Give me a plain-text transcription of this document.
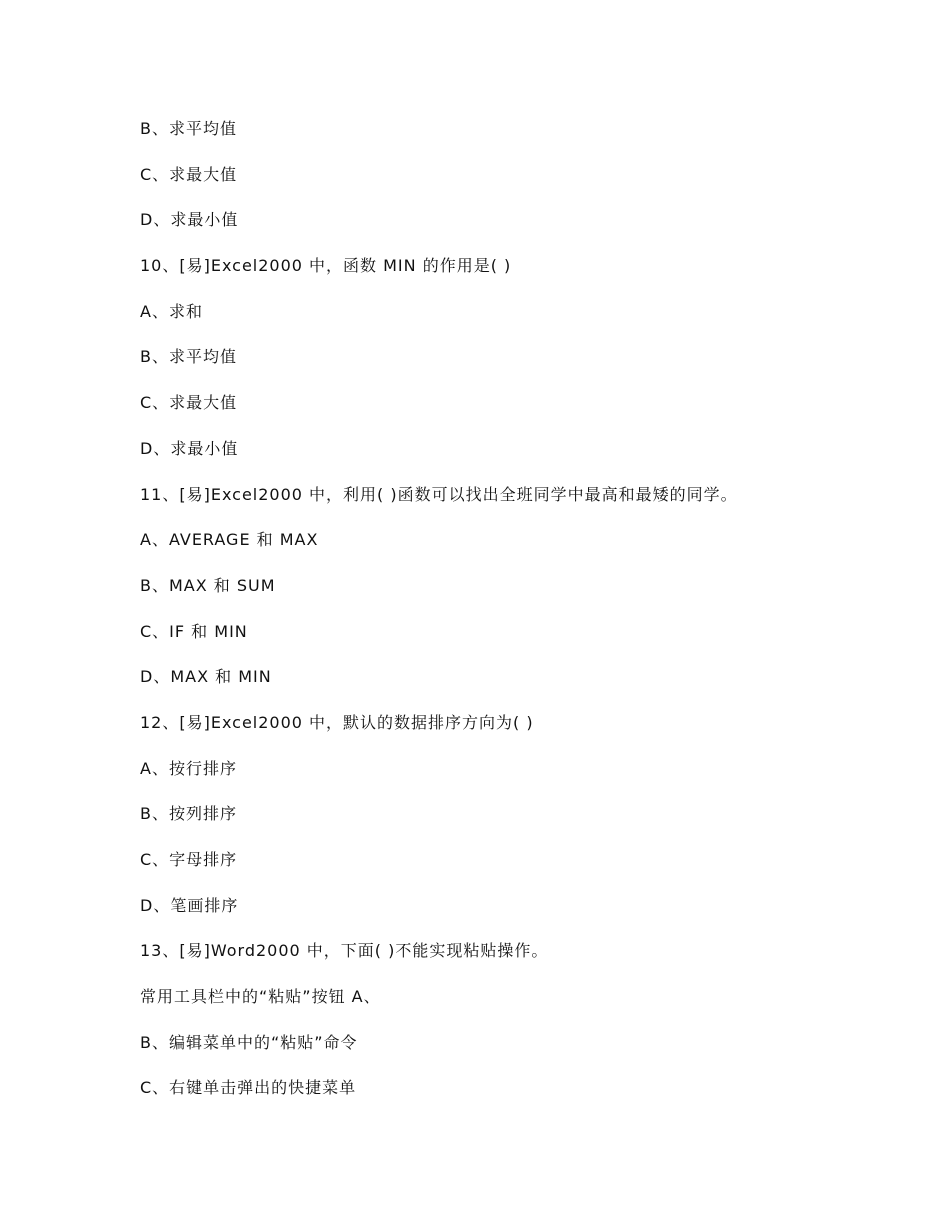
B、求平均值
C、求最大值
D、求最小值
10、[易]Excel2000 中，函数 MIN 的作用是( )
A、求和
B、求平均值
C、求最大值
D、求最小值
11、[易]Excel2000 中，利用( )函数可以找出全班同学中最高和最矮的同学。
A、AVERAGE 和 MAX
B、MAX 和 SUM
C、IF 和 MIN
D、MAX 和 MIN
12、[易]Excel2000 中，默认的数据排序方向为( )
A、按行排序
B、按列排序
C、字母排序
D、笔画排序
13、[易]Word2000 中，下面( )不能实现粘贴操作。
常用工具栏中的“粘贴”按钮 A、
B、编辑菜单中的“粘贴”命令
C、右键单击弹出的快捷菜单
